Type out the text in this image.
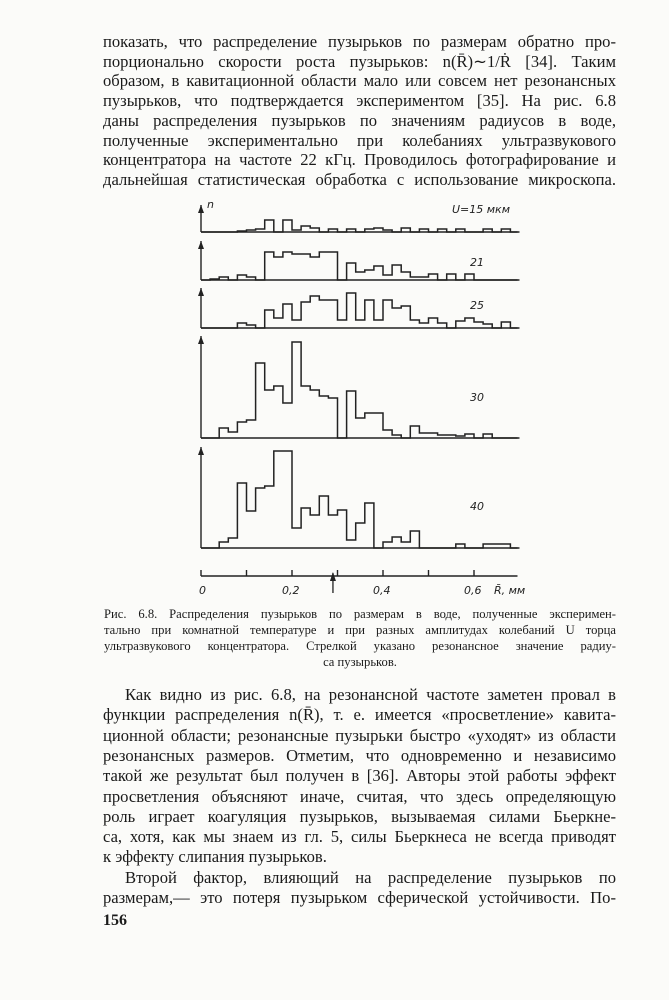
показать, что распределение пузырьков по размерам обратно про-
порционально скорости роста пузырьков: n(R̄)∼1/Ṙ [34]. Таким
образом, в кавитационной области мало или совсем нет резонансных
пузырьков, что подтверждается экспериментом [35]. На рис. 6.8
даны распределения пузырьков по значениям радиусов в воде,
полученные экспериментально при колебаниях ультразвукового
концентратора на частоте 22 кГц. Проводилось фотографирование и
дальнейшая статистическая обработка с использование микроскопа.
U=15 мкм
21
25
30
40
n
0	0,2	0,4	0,6 R̄, мм
Рис. 6.8. Распределения пузырьков по размерам в воде, полученные эксперимен-
тально при комнатной температуре и при разных амплитудах колебаний U торца
ультразвукового концентратора. Стрелкой указано резонансное значение радиу-
са пузырьков.
Как видно из рис. 6.8, на резонансной частоте заметен провал в
функции распределения n(R̄), т. е. имеется «просветление» кавита-
ционной области; резонансные пузырьки быстро «уходят» из области
резонансных размеров. Отметим, что одновременно и независимо
такой же результат был получен в [36]. Авторы этой работы эффект
просветления объясняют иначе, считая, что здесь определяющую
роль играет коагуляция пузырьков, вызываемая силами Бьеркне-
са, хотя, как мы знаем из гл. 5, силы Бьеркнеса не всегда приводят
к эффекту слипания пузырьков.
Второй фактор, влияющий на распределение пузырьков по
размерам,— это потеря пузырьком сферической устойчивости. По-
156
